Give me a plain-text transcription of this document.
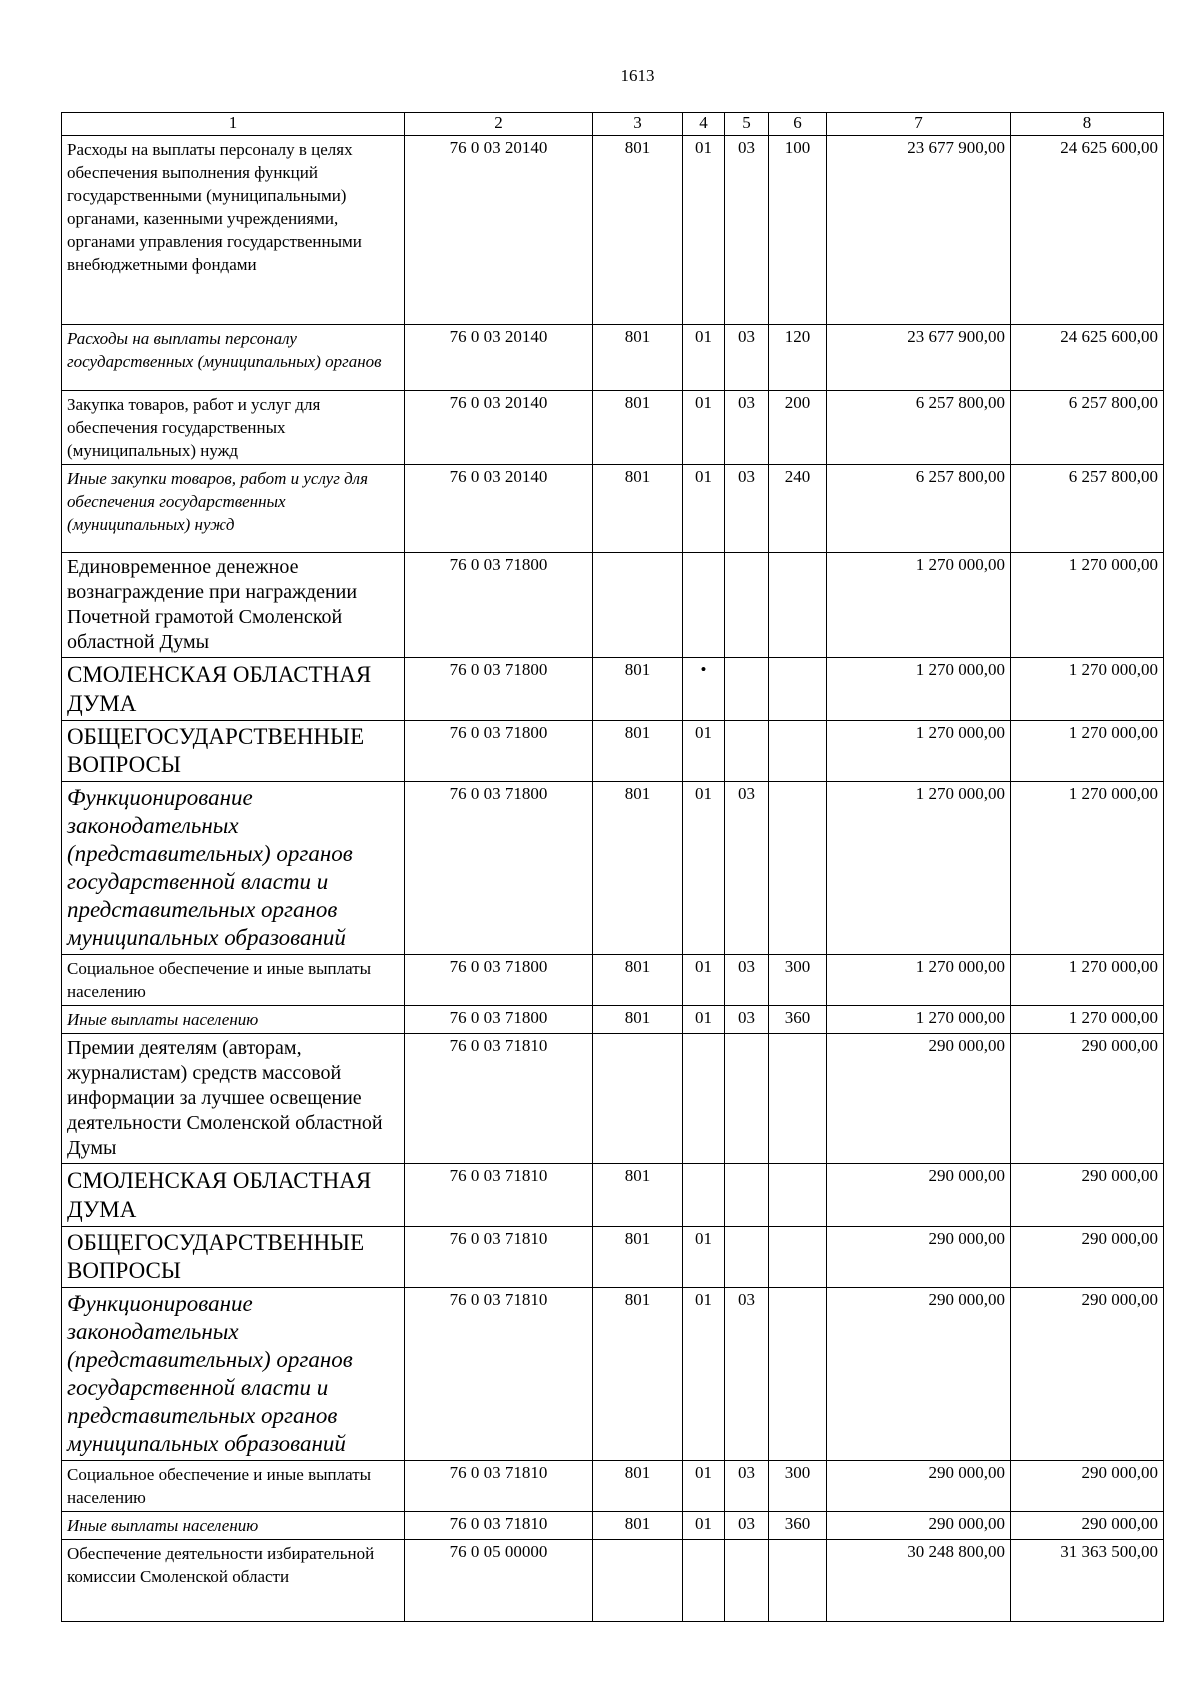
1613
1	2	3	4	5	6	7	8
Расходы на выплаты персоналу в целях обеспечения выполнения функций государственными (муниципальными) органами, казенными учреждениями, органами управления государственными внебюджетными фондами	76 0 03 20140	801	01	03	100	23 677 900,00	24 625 600,00
Расходы на выплаты персоналу государственных (муниципальных) органов	76 0 03 20140	801	01	03	120	23 677 900,00	24 625 600,00
Закупка товаров, работ и услуг для обеспечения государственных (муниципальных) нужд	76 0 03 20140	801	01	03	200	6 257 800,00	6 257 800,00
Иные закупки товаров, работ и услуг для обеспечения государственных (муниципальных) нужд	76 0 03 20140	801	01	03	240	6 257 800,00	6 257 800,00
Единовременное денежное вознаграждение при награждении Почетной грамотой Смоленской областной Думы	76 0 03 71800					1 270 000,00	1 270 000,00
СМОЛЕНСКАЯ ОБЛАСТНАЯ ДУМА	76 0 03 71800	801	•			1 270 000,00	1 270 000,00
ОБЩЕГОСУДАРСТВЕННЫЕ ВОПРОСЫ	76 0 03 71800	801	01			1 270 000,00	1 270 000,00
Функционирование законодательных (представительных) органов государственной власти и представительных органов муниципальных образований	76 0 03 71800	801	01	03		1 270 000,00	1 270 000,00
Социальное обеспечение и иные выплаты населению	76 0 03 71800	801	01	03	300	1 270 000,00	1 270 000,00
Иные выплаты населению	76 0 03 71800	801	01	03	360	1 270 000,00	1 270 000,00
Премии деятелям (авторам, журналистам) средств массовой информации за лучшее освещение деятельности Смоленской областной Думы	76 0 03 71810					290 000,00	290 000,00
СМОЛЕНСКАЯ ОБЛАСТНАЯ ДУМА	76 0 03 71810	801				290 000,00	290 000,00
ОБЩЕГОСУДАРСТВЕННЫЕ ВОПРОСЫ	76 0 03 71810	801	01			290 000,00	290 000,00
Функционирование законодательных (представительных) органов государственной власти и представительных органов муниципальных образований	76 0 03 71810	801	01	03		290 000,00	290 000,00
Социальное обеспечение и иные выплаты населению	76 0 03 71810	801	01	03	300	290 000,00	290 000,00
Иные выплаты населению	76 0 03 71810	801	01	03	360	290 000,00	290 000,00
Обеспечение деятельности избирательной комиссии Смоленской области	76 0 05 00000					30 248 800,00	31 363 500,00
